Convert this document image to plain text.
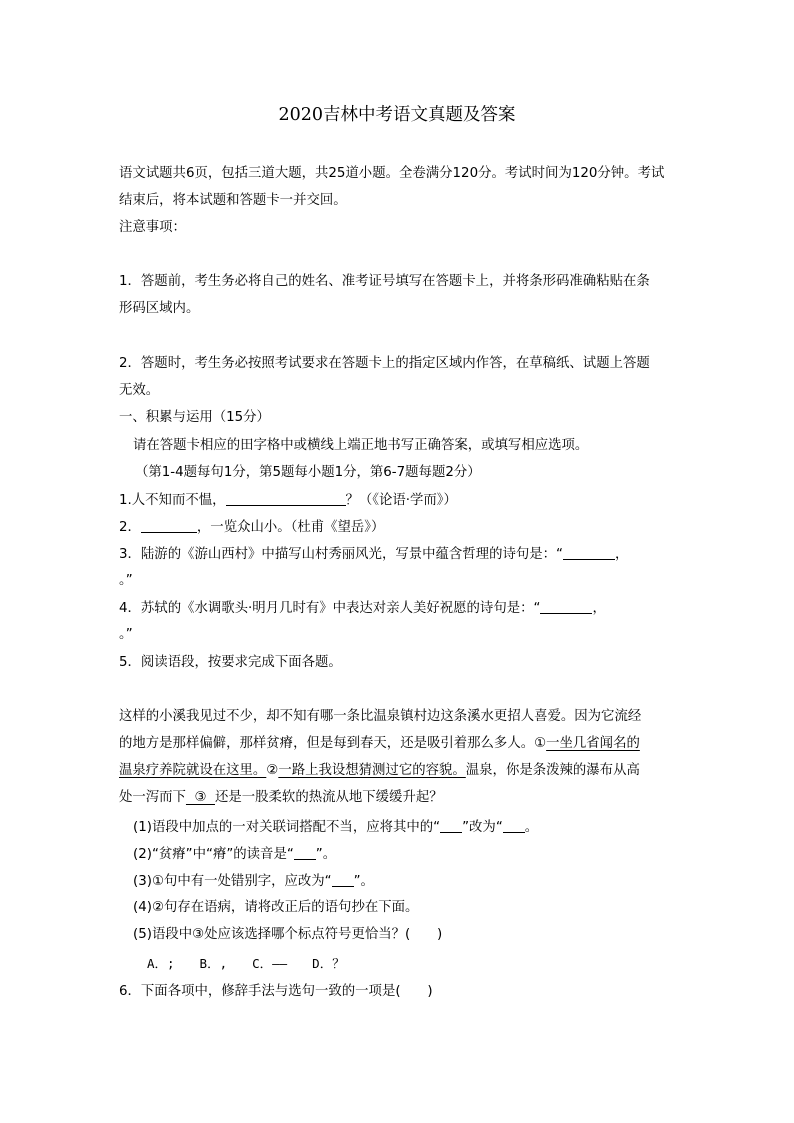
2020吉林中考语文真题及答案
语文试题共6页，包括三道大题，共25道小题。全卷满分120分。考试时间为120分钟。考试
结束后，将本试题和答题卡一并交回。
注意事项：
1．答题前，考生务必将自己的姓名、准考证号填写在答题卡上，并将条形码准确粘贴在条
形码区域内。
2．答题时，考生务必按照考试要求在答题卡上的指定区域内作答，在草稿纸、试题上答题
无效。
一、积累与运用（15分）
请在答题卡相应的田字格中或横线上端正地书写正确答案，或填写相应选项。
（第1-4题每句1分，第5题每小题1分，第6-7题每题2分）
1.人不知而不愠，	？（《论语·学而》）
2．	，一览众山小。（杜甫《望岳》）
3．陆游的《游山西村》中描写山村秀丽风光，写景中蕴含哲理的诗句是：“	，
。”
4．苏轼的《水调歌头·明月几时有》中表达对亲人美好祝愿的诗句是：“	，
。”
5．阅读语段，按要求完成下面各题。
这样的小溪我见过不少，却不知有哪一条比温泉镇村边这条溪水更招人喜爱。因为它流经
的地方是那样偏僻，那样贫瘠，但是每到春天，还是吸引着那么多人。①一坐几省闻名的
温泉疗养院就设在这里。②一路上我设想猜测过它的容貌。温泉，你是条泼辣的瀑布从高
处一泻而下  ③  还是一股柔软的热流从地下缓缓升起？
(1)语段中加点的一对关联词搭配不当，应将其中的“ ”改为“ 。
(2)“贫瘠”中“瘠”的读音是“ ”。
(3)①句中有一处错别字，应改为“ ”。
(4)②句存在语病，请将改正后的语句抄在下面。
(5)语段中③处应该选择哪个标点符号更恰当？(　　)
A．;　　B．,　　C．——　　D．？
6．下面各项中，修辞手法与选句一致的一项是(　　)
